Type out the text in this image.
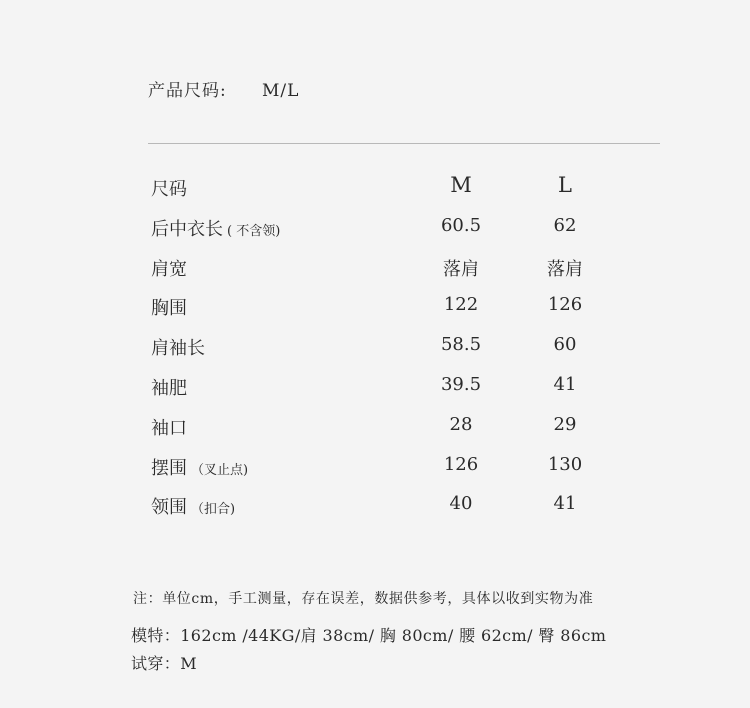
产品尺码: M/L
尺码	M	L
后中衣长 ( 不含领)	60.5	62
肩宽	落肩	落肩
胸围	122	126
肩袖长	58.5	60
袖肥	39.5	41
袖口	28	29
摆围 （叉止点)	126	130
领围 （扣合)	40	41
注：单位cm，手工测量，存在误差，数据供参考，具体以收到实物为准
模特：162cm /44KG/肩 38cm/ 胸 80cm/ 腰 62cm/ 臀 86cm
试穿：M
